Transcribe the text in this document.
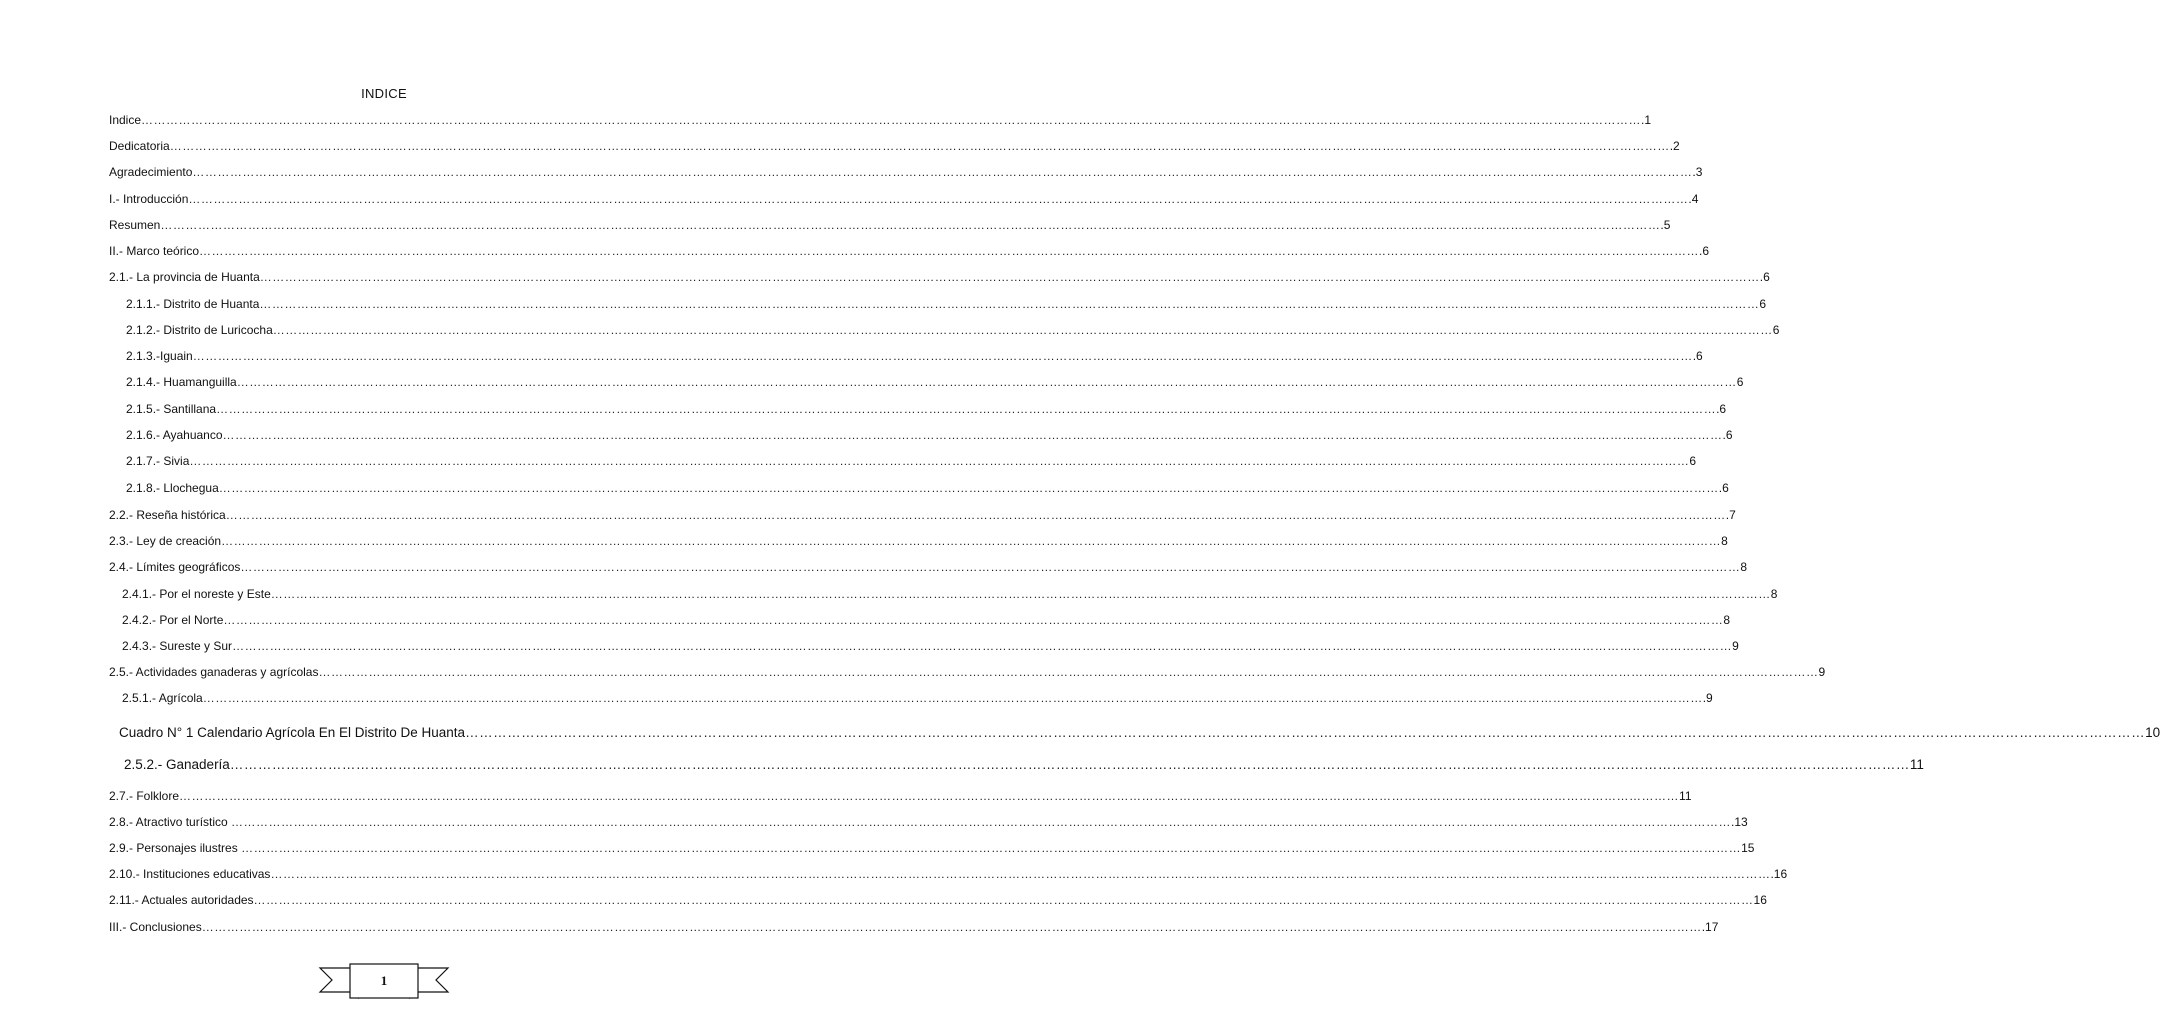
INDICE
Indice ……………………………………………………………………………………………………………………………………………………………………………………………………………………………………………………………………………………………………………………………… .1
Dedicatoria ……………………………………………………………………………………………………………………………………………………………………………………………………………………………………………………………………………………………………………………………… .2
Agradecimiento ……………………………………………………………………………………………………………………………………………………………………………………………………………………………………………………………………………………………………………………………… .3
I.- Introducción ……………………………………………………………………………………………………………………………………………………………………………………………………………………………………………………………………………………………………………………………… .4
Resumen ……………………………………………………………………………………………………………………………………………………………………………………………………………………………………………………………………………………………………………………………… .5
II.- Marco teórico ……………………………………………………………………………………………………………………………………………………………………………………………………………………………………………………………………………………………………………………………… .6
2.1.- La provincia de Huanta ……………………………………………………………………………………………………………………………………………………………………………………………………………………………………………………………………………………………………………………………… .6
2.1.1.- Distrito de Huanta ……………………………………………………………………………………………………………………………………………………………………………………………………………………………………………………………………………………………………………………………… 6
2.1.2.- Distrito de Luricocha ……………………………………………………………………………………………………………………………………………………………………………………………………………………………………………………………………………………………………………………………… 6
2.1.3.-Iguain ……………………………………………………………………………………………………………………………………………………………………………………………………………………………………………………………………………………………………………………………… .6
2.1.4.- Huamanguilla ……………………………………………………………………………………………………………………………………………………………………………………………………………………………………………………………………………………………………………………………… 6
2.1.5.- Santillana ……………………………………………………………………………………………………………………………………………………………………………………………………………………………………………………………………………………………………………………………… .6
2.1.6.- Ayahuanco ……………………………………………………………………………………………………………………………………………………………………………………………………………………………………………………………………………………………………………………………… .6
2.1.7.- Sivia ……………………………………………………………………………………………………………………………………………………………………………………………………………………………………………………………………………………………………………………………… 6
2.1.8.- Llochegua ……………………………………………………………………………………………………………………………………………………………………………………………………………………………………………………………………………………………………………………………… .6
2.2.- Reseña histórica ……………………………………………………………………………………………………………………………………………………………………………………………………………………………………………………………………………………………………………………………… .7
2.3.- Ley de creación ……………………………………………………………………………………………………………………………………………………………………………………………………………………………………………………………………………………………………………………………… 8
2.4.- Límites geográficos ……………………………………………………………………………………………………………………………………………………………………………………………………………………………………………………………………………………………………………………………… 8
2.4.1.- Por el noreste y Este ……………………………………………………………………………………………………………………………………………………………………………………………………………………………………………………………………………………………………………………………… 8
2.4.2.- Por el Norte ……………………………………………………………………………………………………………………………………………………………………………………………………………………………………………………………………………………………………………………………… 8
2.4.3.- Sureste y Sur ……………………………………………………………………………………………………………………………………………………………………………………………………………………………………………………………………………………………………………………………… 9
2.5.- Actividades ganaderas y agrícolas ……………………………………………………………………………………………………………………………………………………………………………………………………………………………………………………………………………………………………………………………… 9
2.5.1.- Agrícola ……………………………………………………………………………………………………………………………………………………………………………………………………………………………………………………………………………………………………………………………… .9
Cuadro N° 1 Calendario Agrícola En El Distrito De Huanta ……………………………………………………………………………………………………………………………………………………………………………………………………………………………………………………………………………………………………………………………… 10
2.5.2.- Ganadería ……………………………………………………………………………………………………………………………………………………………………………………………………………………………………………………………………………………………………………………………… 11
2.7.- Folklore ……………………………………………………………………………………………………………………………………………………………………………………………………………………………………………………………………………………………………………………………… 11
2.8.- Atractivo turístico ……………………………………………………………………………………………………………………………………………………………………………………………………………………………………………………………………………………………………………………………… .13
2.9.- Personajes ilustres ……………………………………………………………………………………………………………………………………………………………………………………………………………………………………………………………………………………………………………………………… 15
2.10.- Instituciones educativas ……………………………………………………………………………………………………………………………………………………………………………………………………………………………………………………………………………………………………………………………… .16
2.11.- Actuales autoridades ……………………………………………………………………………………………………………………………………………………………………………………………………………………………………………………………………………………………………………………………… 16
III.- Conclusiones ……………………………………………………………………………………………………………………………………………………………………………………………………………………………………………………………………………………………………………………………… .17
1
